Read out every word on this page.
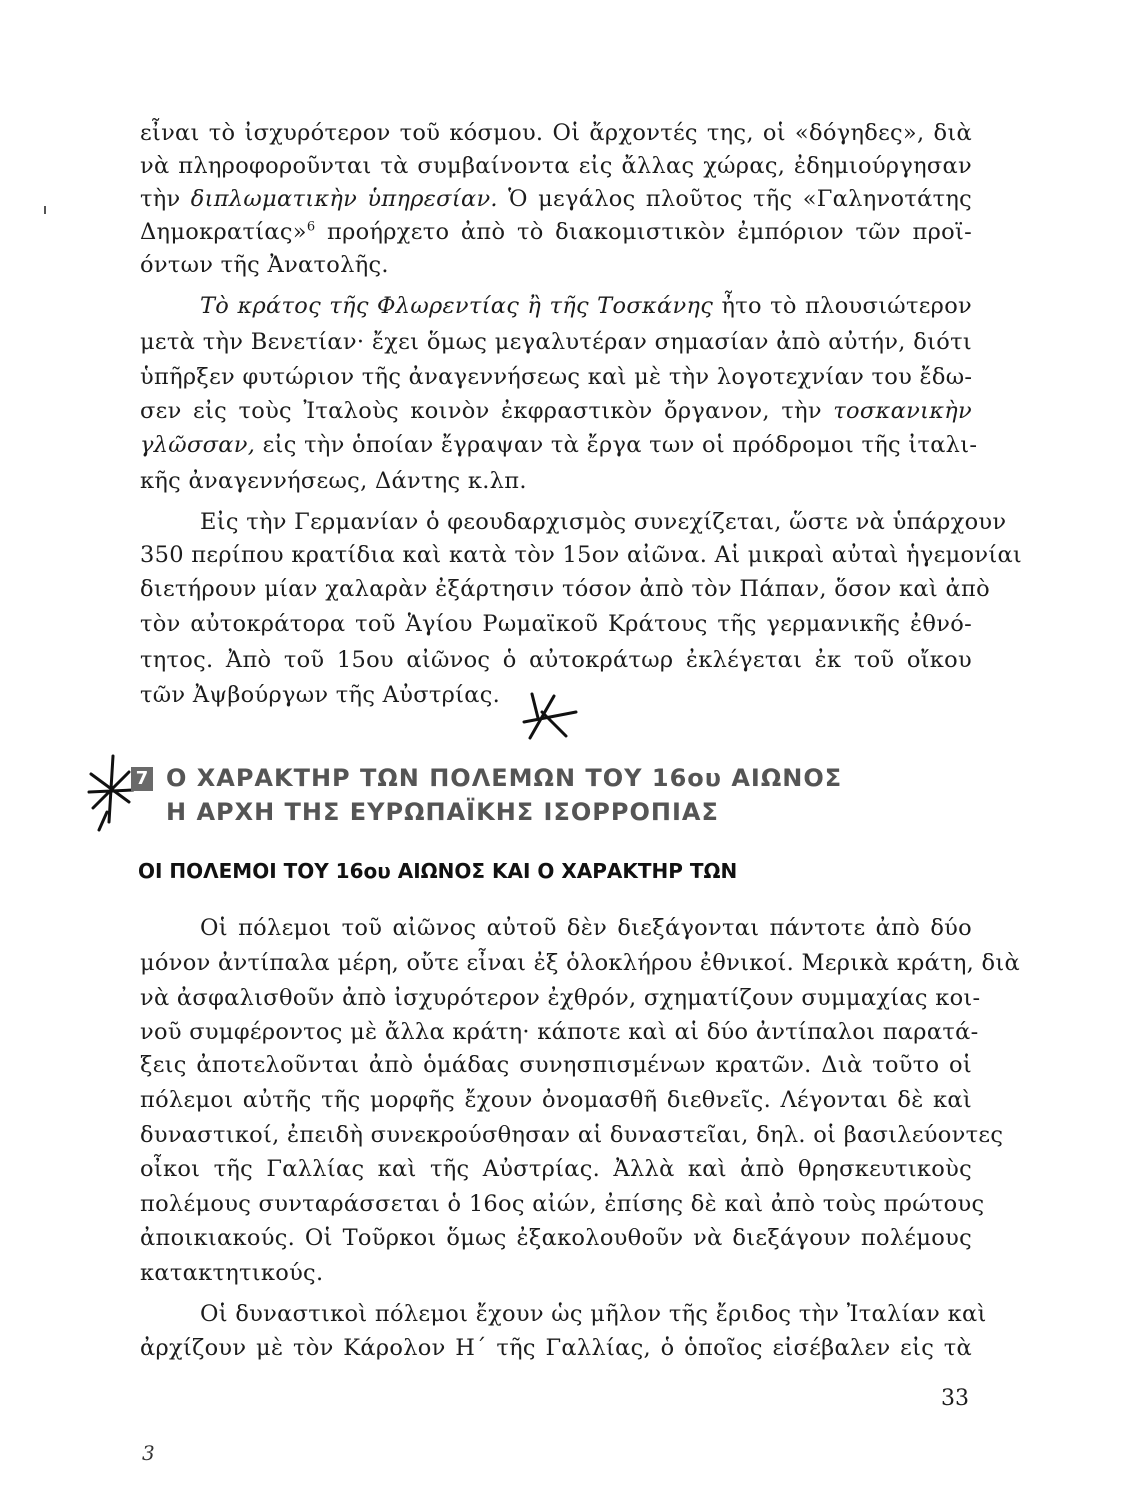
εἶναι τὸ ἰσχυρότερον τοῦ κόσμου. Οἱ ἄρχοντές της, οἱ «δόγηδες», διὰ
νὰ πληροφοροῦνται τὰ συμβαίνοντα εἰς ἄλλας χώρας, ἐδημιούργησαν
τὴν διπλωματικὴν ὑπηρεσίαν. Ὁ μεγάλος πλοῦτος τῆς «Γαληνοτάτης
Δημοκρατίας»$^6$ προήρχετο ἀπὸ τὸ διακομιστικὸν ἐμπόριον τῶν προϊ-
όντων τῆς Ἀνατολῆς.
Τὸ κράτος τῆς Φλωρεντίας ἢ τῆς Τοσκάνης ἦτο τὸ πλουσιώτερον
μετὰ τὴν Βενετίαν· ἔχει ὅμως μεγαλυτέραν σημασίαν ἀπὸ αὐτήν, διότι
ὑπῆρξεν φυτώριον τῆς ἀναγεννήσεως καὶ μὲ τὴν λογοτεχνίαν του ἔδω-
σεν εἰς τοὺς Ἰταλοὺς κοινὸν ἐκφραστικὸν ὄργανον, τὴν τοσκανικὴν
γλῶσσαν, εἰς τὴν ὁποίαν ἔγραψαν τὰ ἔργα των οἱ πρόδρομοι τῆς ἰταλι-
κῆς ἀναγεννήσεως, Δάντης κ.λπ.
Εἰς τὴν Γερμανίαν ὁ φεουδαρχισμὸς συνεχίζεται, ὥστε νὰ ὑπάρχουν
350 περίπου κρατίδια καὶ κατὰ τὸν 15ον αἰῶνα. Αἱ μικραὶ αὐταὶ ἡγεμονίαι
διετήρουν μίαν χαλαρὰν ἐξάρτησιν τόσον ἀπὸ τὸν Πάπαν, ὅσον καὶ ἀπὸ
τὸν αὐτοκράτορα τοῦ Ἁγίου Ρωμαϊκοῦ Κράτους τῆς γερμανικῆς ἐθνό-
τητος. Ἀπὸ τοῦ 15ου αἰῶνος ὁ αὐτοκράτωρ ἐκλέγεται ἐκ τοῦ οἴκου
τῶν Ἀψβούργων τῆς Αὐστρίας.
7 Ο ΧΑΡΑΚΤΗΡ ΤΩΝ ΠΟΛΕΜΩΝ ΤΟΥ 16ου ΑΙΩΝΟΣ
Η ΑΡΧΗ ΤΗΣ ΕΥΡΩΠΑΪΚΗΣ ΙΣΟΡΡΟΠΙΑΣ
ΟΙ ΠΟΛΕΜΟΙ ΤΟΥ 16ου ΑΙΩΝΟΣ ΚΑΙ Ο ΧΑΡΑΚΤΗΡ ΤΩΝ
Οἱ πόλεμοι τοῦ αἰῶνος αὐτοῦ δὲν διεξάγονται πάντοτε ἀπὸ δύο
μόνον ἀντίπαλα μέρη, οὔτε εἶναι ἐξ ὁλοκλήρου ἐθνικοί. Μερικὰ κράτη, διὰ
νὰ ἀσφαλισθοῦν ἀπὸ ἰσχυρότερον ἐχθρόν, σχηματίζουν συμμαχίας κοι-
νοῦ συμφέροντος μὲ ἄλλα κράτη· κάποτε καὶ αἱ δύο ἀντίπαλοι παρατά-
ξεις ἀποτελοῦνται ἀπὸ ὁμάδας συνησπισμένων κρατῶν. Διὰ τοῦτο οἱ
πόλεμοι αὐτῆς τῆς μορφῆς ἔχουν ὀνομασθῆ διεθνεῖς. Λέγονται δὲ καὶ
δυναστικοί, ἐπειδὴ συνεκρούσθησαν αἱ δυναστεῖαι, δηλ. οἱ βασιλεύοντες
οἶκοι τῆς Γαλλίας καὶ τῆς Αὐστρίας. Ἀλλὰ καὶ ἀπὸ θρησκευτικοὺς
πολέμους συνταράσσεται ὁ 16ος αἰών, ἐπίσης δὲ καὶ ἀπὸ τοὺς πρώτους
ἀποικιακούς. Οἱ Τοῦρκοι ὅμως ἐξακολουθοῦν νὰ διεξάγουν πολέμους
κατακτητικούς.
Οἱ δυναστικοὶ πόλεμοι ἔχουν ὡς μῆλον τῆς ἔριδος τὴν Ἰταλίαν καὶ
ἀρχίζουν μὲ τὸν Κάρολον Η΄ τῆς Γαλλίας, ὁ ὁποῖος εἰσέβαλεν εἰς τὰ
33
3
